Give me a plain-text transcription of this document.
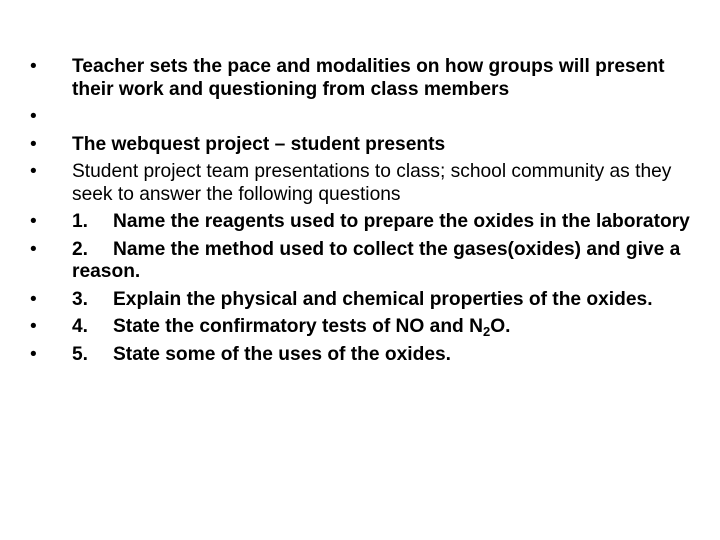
• Teacher sets the pace and modalities on how groups will present their work and questioning from class members
•
• The webquest project – student presents
• Student project team presentations to class; school community as they seek to answer the following questions
• 1. Name the reagents used to prepare the oxides in the laboratory
• 2. Name the method used to collect the gases(oxides) and give a reason.
• 3. Explain the physical and chemical properties of the oxides.
• 4. State the confirmatory tests of NO and $N_2O$.
• 5. State some of the uses of the oxides.
